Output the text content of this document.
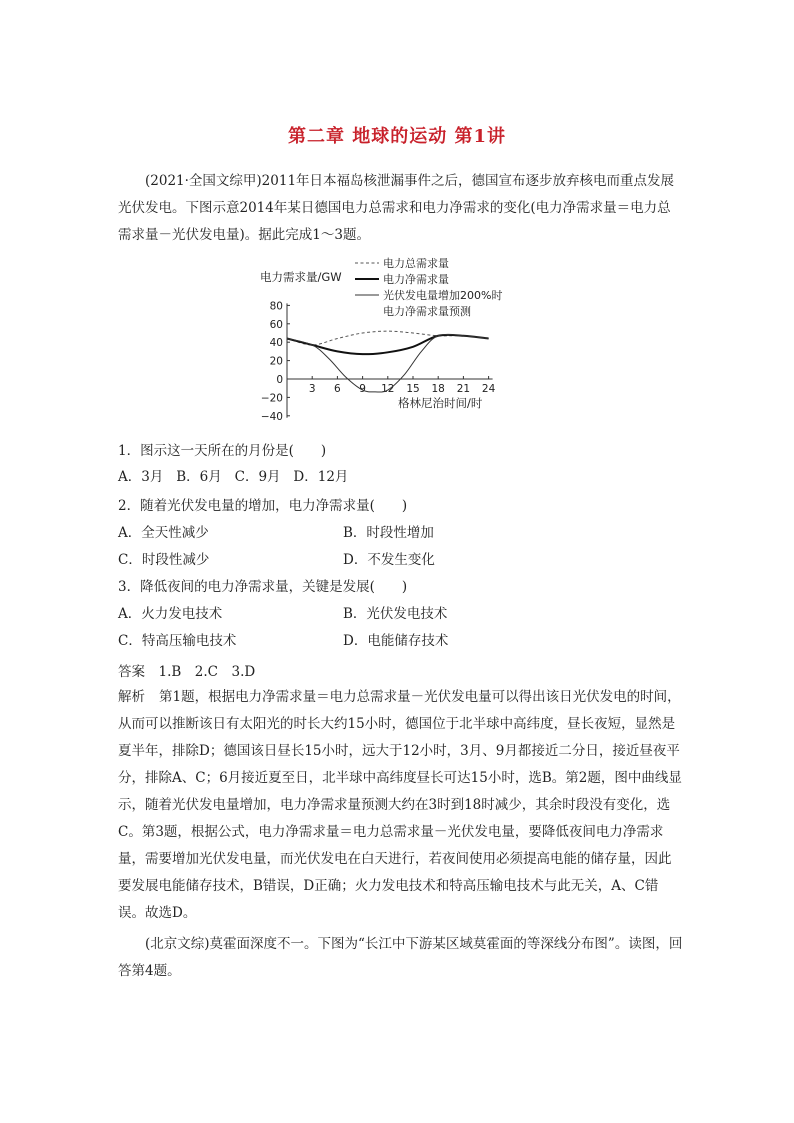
第二章 地球的运动 第1讲
(2021·全国文综甲)2011年日本福岛核泄漏事件之后，德国宣布逐步放弃核电而重点发展光伏发电。下图示意2014年某日德国电力总需求和电力净需求的变化(电力净需求量＝电力总需求量－光伏发电量)。据此完成1～3题。
电力需求量/GW
格林尼治时间/时
80
60
40
20
0
−20
−40
3 6 9 12 15 18 21 24
电力总需求量
电力净需求量
光伏发电量增加200%时
电力净需求量预测
1．图示这一天所在的月份是(　　)
A．3月 B．6月 C．9月 D．12月
2．随着光伏发电量的增加，电力净需求量(　　)
A．全天性减少	B．时段性增加
C．时段性减少	D．不发生变化
3．降低夜间的电力净需求量，关键是发展(　　)
A．火力发电技术	B．光伏发电技术
C．特高压输电技术	D．电能储存技术
答案　1.B　2.C　3.D
解析 第1题，根据电力净需求量＝电力总需求量－光伏发电量可以得出该日光伏发电的时间，从而可以推断该日有太阳光的时长大约15小时，德国位于北半球中高纬度，昼长夜短，显然是夏半年，排除D；德国该日昼长15小时，远大于12小时，3月、9月都接近二分日，接近昼夜平分，排除A、C；6月接近夏至日，北半球中高纬度昼长可达15小时，选B。第2题，图中曲线显示，随着光伏发电量增加，电力净需求量预测大约在3时到18时减少，其余时段没有变化，选C。第3题，根据公式，电力净需求量＝电力总需求量－光伏发电量，要降低夜间电力净需求量，需要增加光伏发电量，而光伏发电在白天进行，若夜间使用必须提高电能的储存量，因此要发展电能储存技术，B错误，D正确；火力发电技术和特高压输电技术与此无关，A、C错误。故选D。
(北京文综)莫霍面深度不一。下图为“长江中下游某区域莫霍面的等深线分布图”。读图，回答第4题。
